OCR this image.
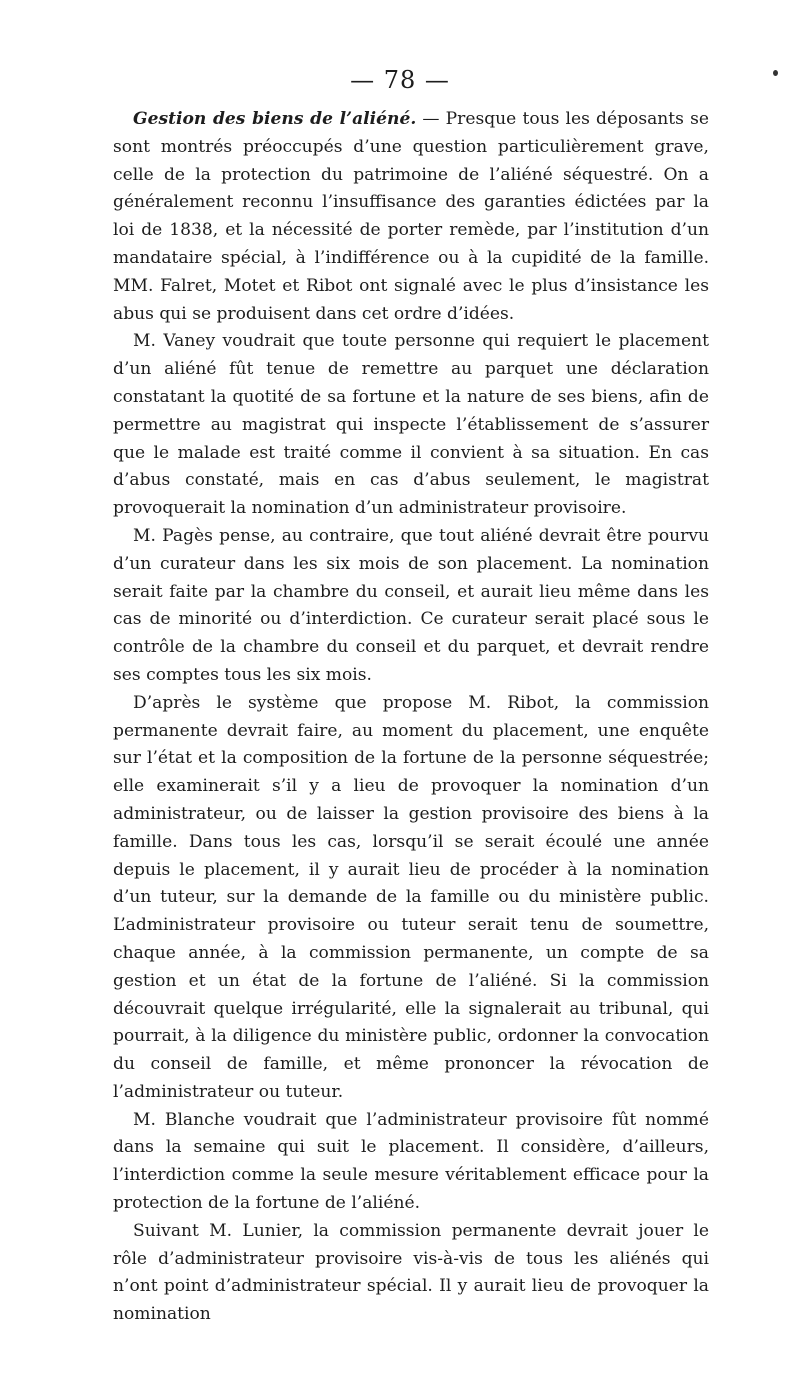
— 78 —

Gestion des biens de l’aliéné. — Presque tous les déposants se sont montrés préoccupés d’une question particulièrement grave, celle de la protection du patrimoine de l’aliéné séquestré. On a généralement reconnu l’insuffisance des garanties édictées par la loi de 1838, et la nécessité de porter remède, par l’institution d’un mandataire spécial, à l’indifférence ou à la cupidité de la famille. MM. Falret, Motet et Ribot ont signalé avec le plus d’insistance les abus qui se produisent dans cet ordre d’idées.

M. Vaney voudrait que toute personne qui requiert le placement d’un aliéné fût tenue de remettre au parquet une déclaration constatant la quotité de sa fortune et la nature de ses biens, afin de permettre au magistrat qui inspecte l’établissement de s’assurer que le malade est traité comme il convient à sa situation. En cas d’abus constaté, mais en cas d’abus seulement, le magistrat provoquerait la nomination d’un administrateur provisoire.

M. Pagès pense, au contraire, que tout aliéné devrait être pourvu d’un curateur dans les six mois de son placement. La nomination serait faite par la chambre du conseil, et aurait lieu même dans les cas de minorité ou d’interdiction. Ce curateur serait placé sous le contrôle de la chambre du conseil et du parquet, et devrait rendre ses comptes tous les six mois.

D’après le système que propose M. Ribot, la commission permanente devrait faire, au moment du placement, une enquête sur l’état et la composition de la fortune de la personne séquestrée; elle examinerait s’il y a lieu de provoquer la nomination d’un administrateur, ou de laisser la gestion provisoire des biens à la famille. Dans tous les cas, lorsqu’il se serait écoulé une année depuis le placement, il y aurait lieu de procéder à la nomination d’un tuteur, sur la demande de la famille ou du ministère public. L’administrateur provisoire ou tuteur serait tenu de soumettre, chaque année, à la commission permanente, un compte de sa gestion et un état de la fortune de l’aliéné. Si la commission découvrait quelque irrégularité, elle la signalerait au tribunal, qui pourrait, à la diligence du ministère public, ordonner la convocation du conseil de famille, et même prononcer la révocation de l’administrateur ou tuteur.

M. Blanche voudrait que l’administrateur provisoire fût nommé dans la semaine qui suit le placement. Il considère, d’ailleurs, l’interdiction comme la seule mesure véritablement efficace pour la protection de la fortune de l’aliéné.

Suivant M. Lunier, la commission permanente devrait jouer le rôle d’administrateur provisoire vis-à-vis de tous les aliénés qui n’ont point d’administrateur spécial. Il y aurait lieu de provoquer la nomination
